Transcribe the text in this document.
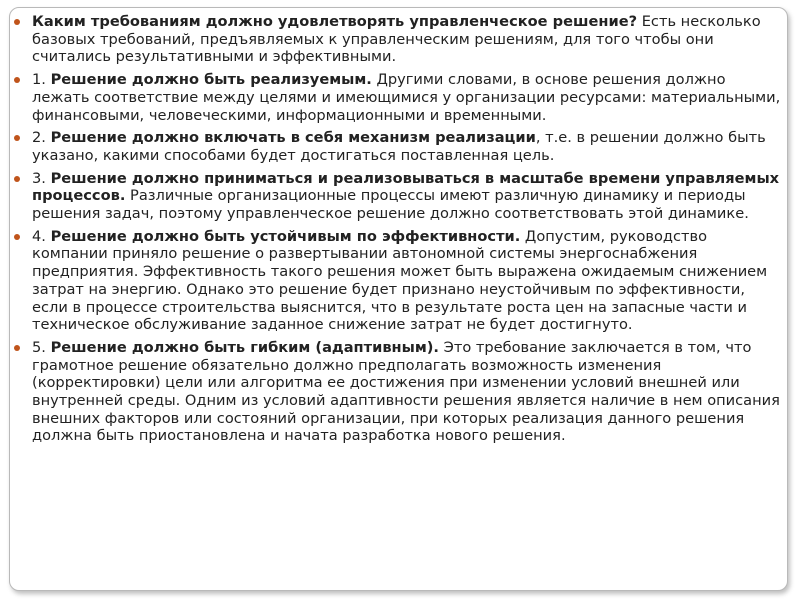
Каким требованиям должно удовлетворять управленческое решение? Есть несколько базовых требований, предъявляемых к управленческим решениям, для того чтобы они считались результативными и эффективными.

1. Решение должно быть реализуемым. Другими словами, в основе решения должно лежать соответствие между целями и имеющимися у организации ресурсами: материальными, финансовыми, человеческими, информационными и временными.

2. Решение должно включать в себя механизм реализации, т.е. в решении должно быть указано, какими способами будет достигаться поставленная цель.

3. Решение должно приниматься и реализовываться в масштабе времени управляемых процессов. Различные организационные процессы имеют различную динамику и периоды решения задач, поэтому управленческое решение должно соответствовать этой динамике.

4. Решение должно быть устойчивым по эффективности. Допустим, руководство компании приняло решение о развертывании автономной системы энергоснабжения предприятия. Эффективность такого решения может быть выражена ожидаемым снижением затрат на энергию. Однако это решение будет признано неустойчивым по эффективности, если в процессе строительства выяснится, что в результате роста цен на запасные части и техническое обслуживание заданное снижение затрат не будет достигнуто.

5. Решение должно быть гибким (адаптивным). Это требование заключается в том, что грамотное решение обязательно должно предполагать возможность изменения (корректировки) цели или алгоритма ее достижения при изменении условий внешней или внутренней среды. Одним из условий адаптивности решения является наличие в нем описания внешних факторов или состояний организации, при которых реализация данного решения должна быть приостановлена и начата разработка нового решения.
